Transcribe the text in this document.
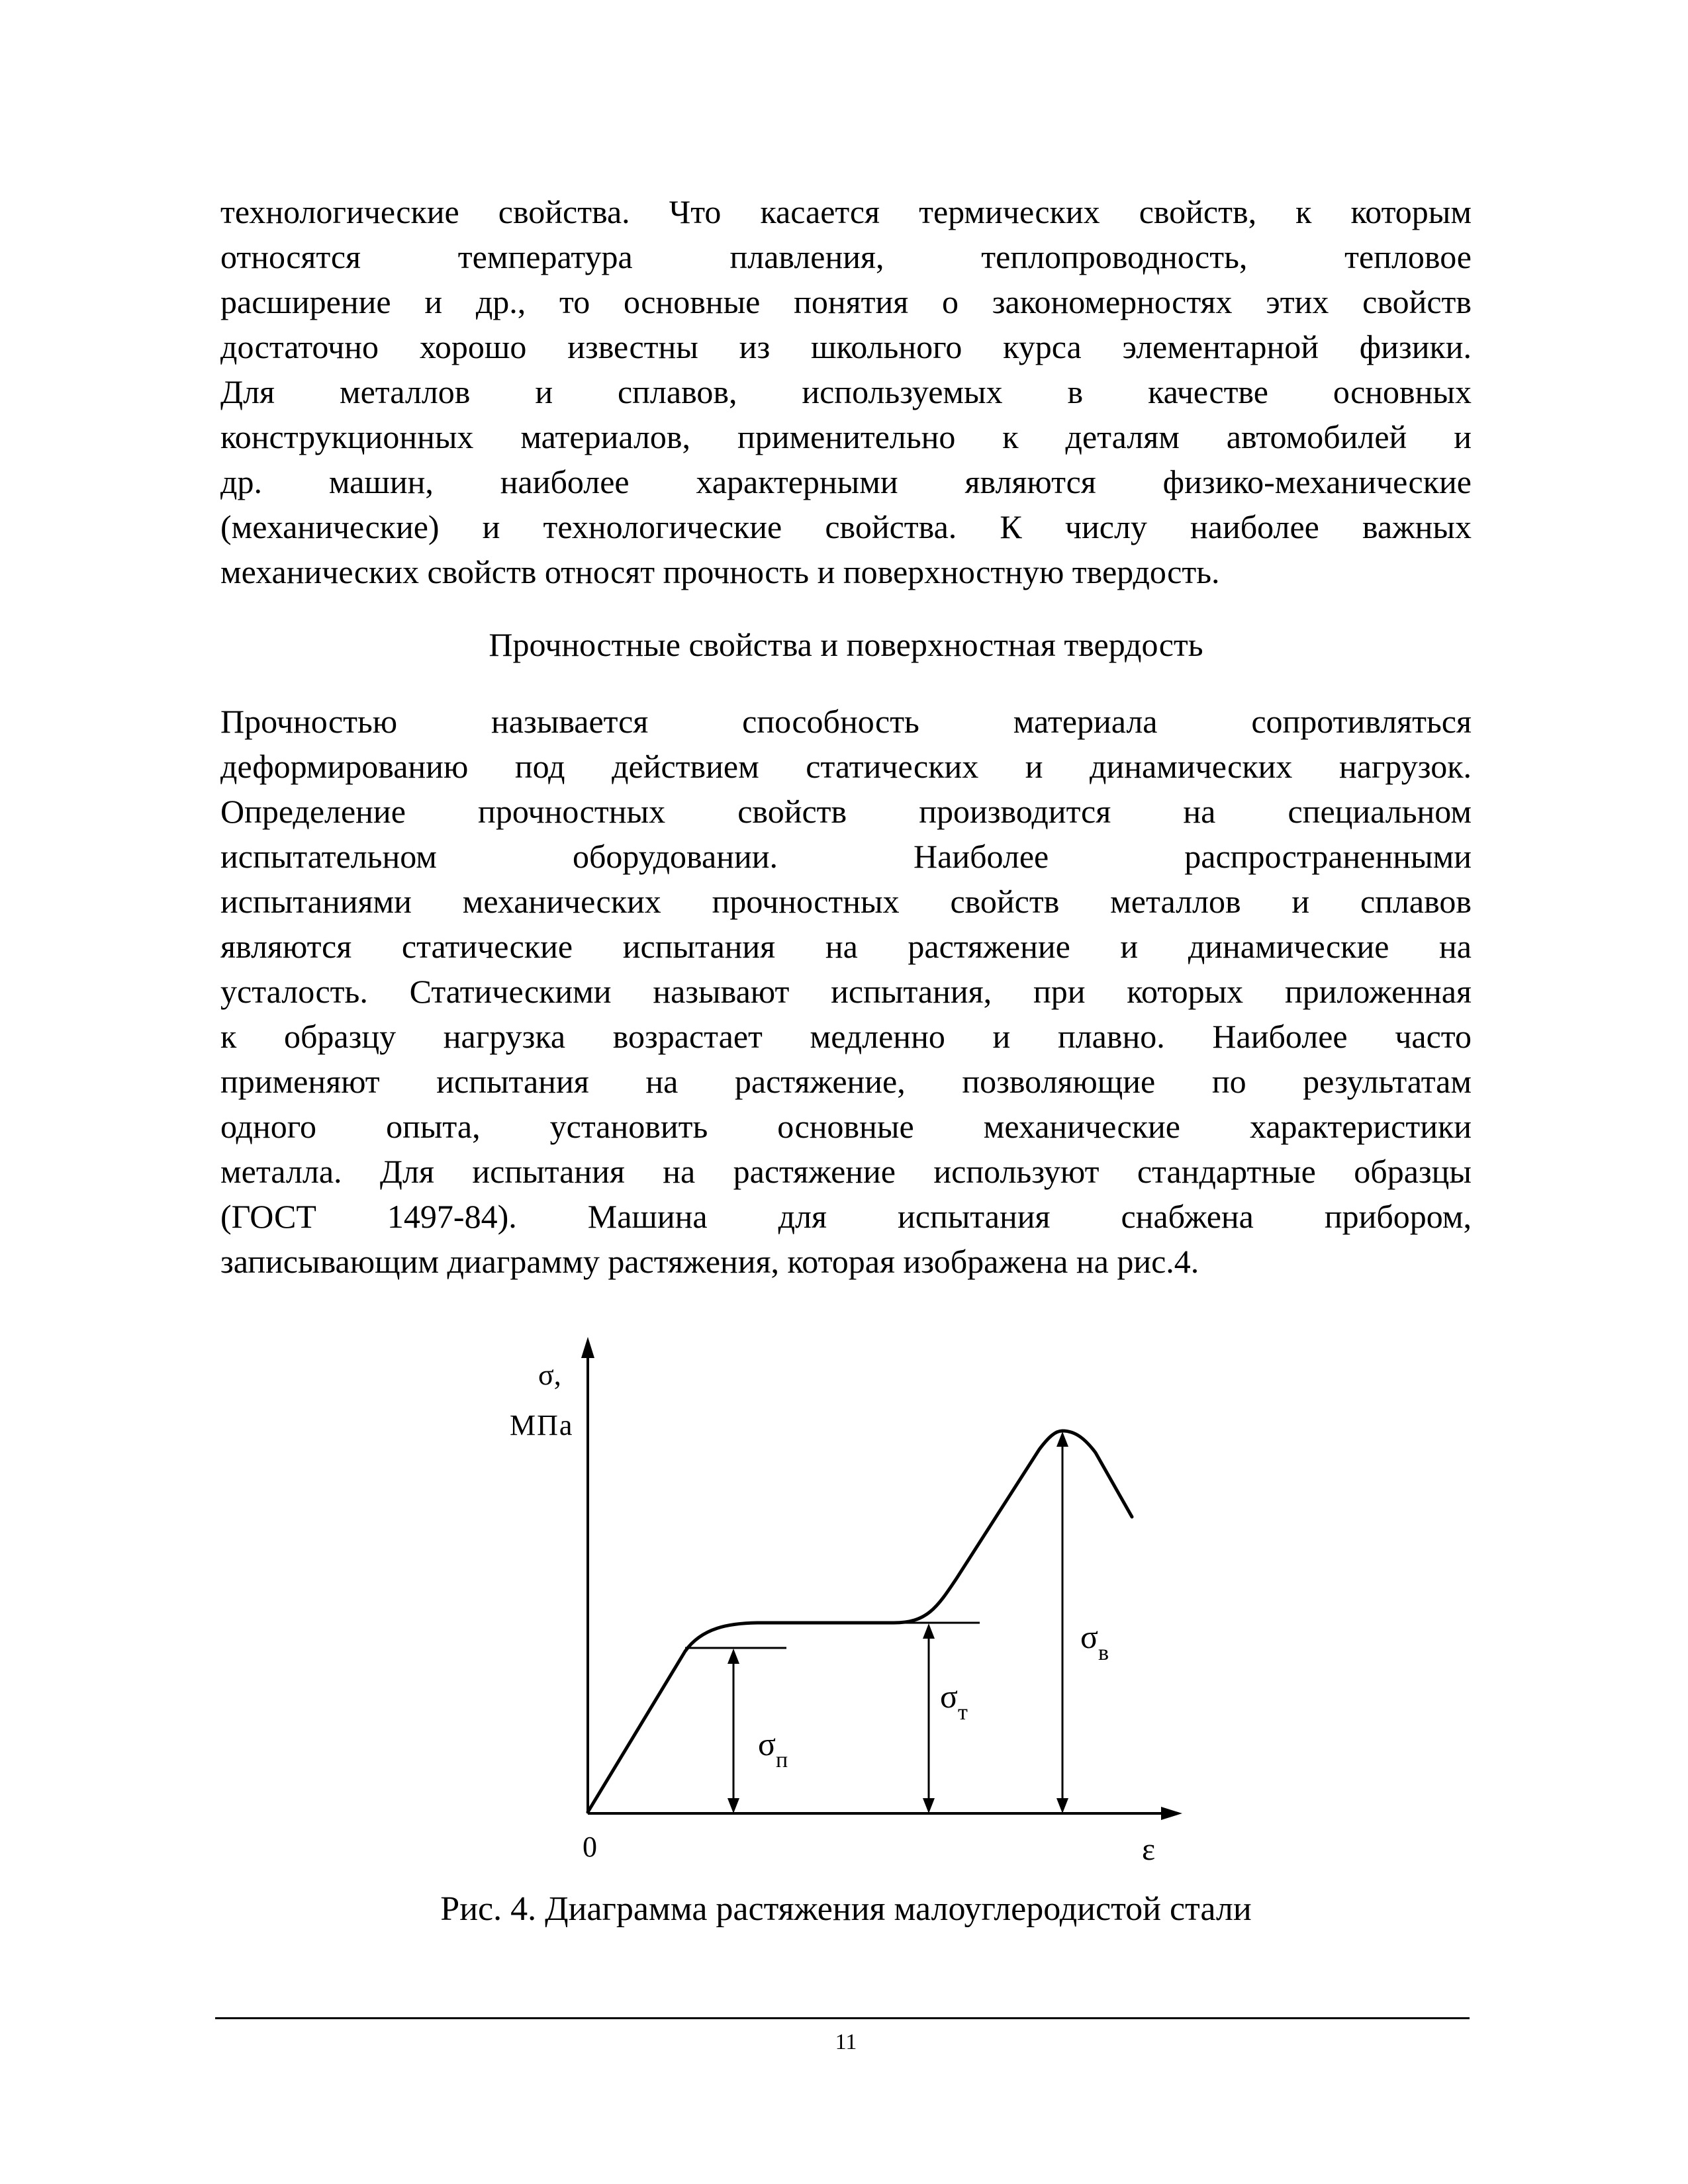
технологические свойства. Что касается термических свойств, к которым
относятся температура плавления, теплопроводность, тепловое
расширение и др., то основные понятия о закономерностях этих свойств
достаточно хорошо известны из школьного курса элементарной физики.
Для металлов и сплавов, используемых в качестве основных
конструкционных материалов, применительно к деталям автомобилей и
др. машин, наиболее характерными являются физико-механические
(механические) и технологические свойства. К числу наиболее важных
механических свойств относят прочность и поверхностную твердость.
Прочностные свойства и поверхностная твердость
Прочностью называется способность материала сопротивляться
деформированию под действием статических и динамических нагрузок.
Определение прочностных свойств производится на специальном
испытательном оборудовании. Наиболее распространенными
испытаниями механических прочностных свойств металлов и сплавов
являются статические испытания на растяжение и динамические на
усталость. Статическими называют испытания, при которых приложенная
к образцу нагрузка возрастает медленно и плавно. Наиболее часто
применяют испытания на растяжение, позволяющие по результатам
одного опыта, установить основные механические характеристики
металла. Для испытания на растяжение используют стандартные образцы
(ГОСТ 1497-84). Машина для испытания снабжена прибором,
записывающим диаграмму растяжения, которая изображена на рис.4.
σ,
МПа
0	ε
$\sigma_п$
$\sigma_т$
$\sigma_в$
Рис. 4. Диаграмма растяжения малоуглеродистой стали
11
